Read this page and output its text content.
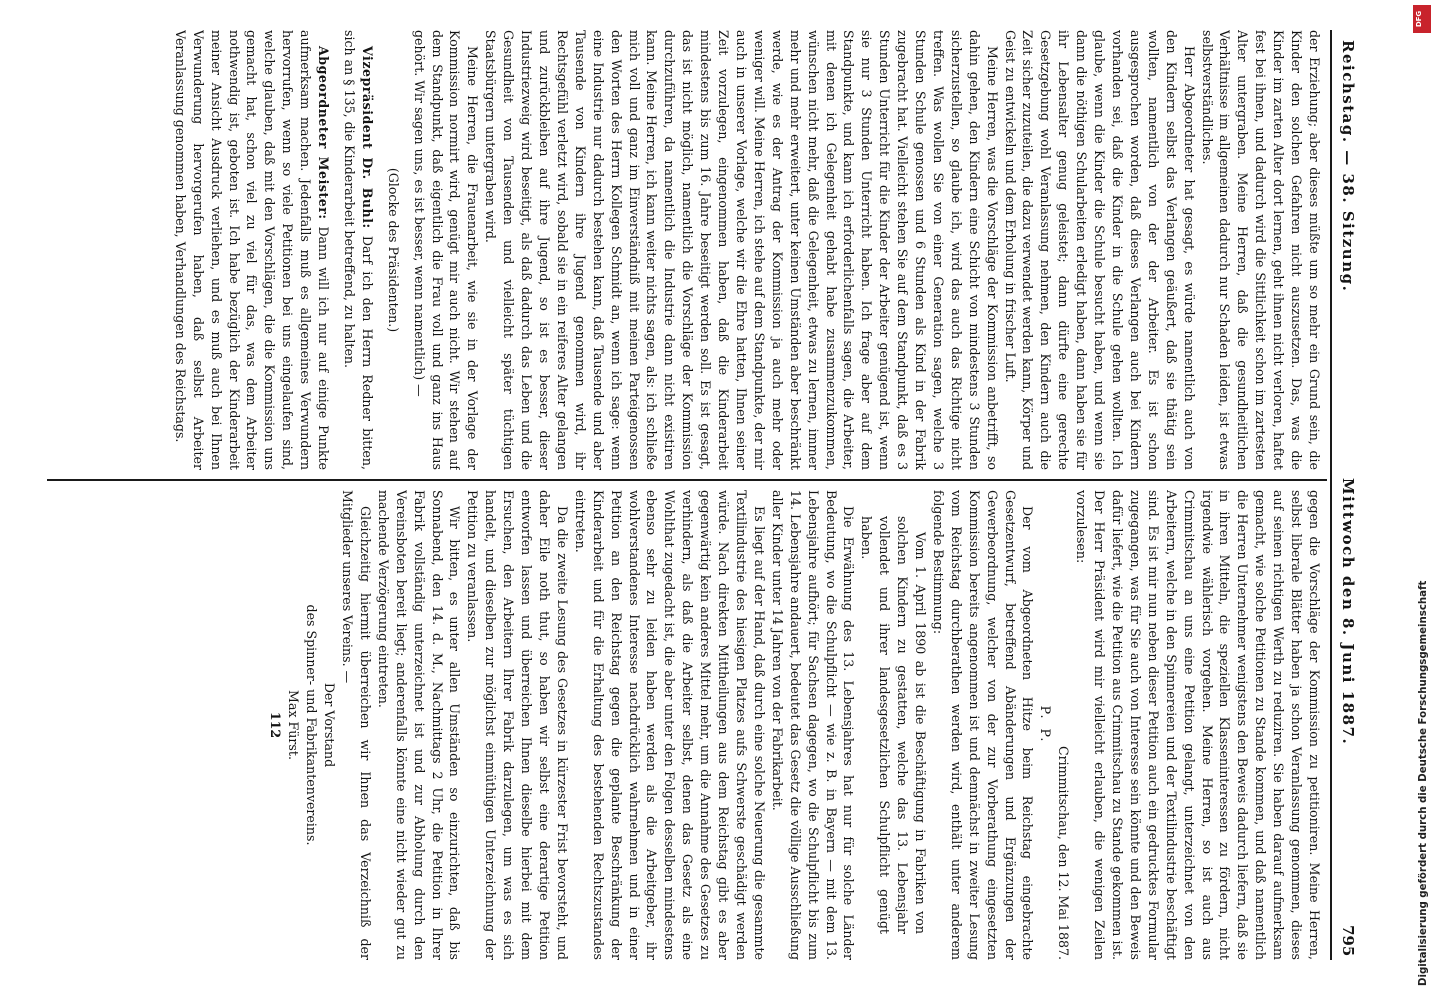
Reichstag. — 38. Sitzung.
Mittwoch den 8. Juni 1887.
795

der Erziehung; aber dieses müßte um so mehr ein Grund sein, die Kinder den solchen Gefahren nicht auszusetzen. Das, was die Kinder im zarten Alter dort lernen, geht ihnen nicht verloren, haftet fest bei ihnen, und dadurch wird die Sittlichkeit schon im zartesten Alter untergraben. Meine Herren, daß die gesundheitlichen Verhältnisse im allgemeinen dadurch nur Schaden leiden, ist etwas selbstverständliches.

Herr Abgeordneter hat gesagt, es würde namentlich auch von den Kindern selbst das Verlangen geäußert, daß sie thätig sein wollten, namentlich von der der Arbeiter. Es ist schon ausgesprochen worden, daß dieses Verlangen auch bei Kindern vorhanden sei, daß die Kinder in die Schule gehen wollten. Ich glaube, wenn die Kinder die Schule besucht haben, und wenn sie dann die nöthigen Schularbeiten erledigt haben, dann haben sie für ihr Lebensalter genug geleistet; dann dürfte eine gerechte Gesetzgebung wohl Veranlassung nehmen, den Kindern auch die Zeit sicher zuzuteilen, die dazu verwendet werden kann, Körper und Geist zu entwickeln und dem Erholung in frischer Luft.

Meine Herren, was die Vorschläge der Kommission anbetrifft, so dahin gehen, den Kindern eine Schicht von mindestens 3 Stunden sicherzustellen, so glaube ich, wird das auch das Richtige nicht treffen. Was wollen Sie von einer Generation sagen, welche 3 Stunden Schule genossen und 6 Stunden als Kind in der Fabrik zugebracht hat. Vielleicht stehen Sie auf dem Standpunkt, daß es 3 Stunden Unterricht für die Kinder der Arbeiter genügend ist, wenn sie nur 3 Stunden Unterricht haben. Ich frage aber auf dem Standpunkte, und kann ich erforderlichenfalls sagen, die Arbeiter, mit denen ich Gelegenheit gehabt habe zusammenzukommen, wünschen nicht mehr, daß die Gelegenheit, etwas zu lernen, immer mehr und mehr erweitert, unter keinen Umständen aber beschränkt werde, wie es der Antrag der Kommission ja auch mehr oder weniger will. Meine Herren, ich stehe auf dem Standpunkte, der mir auch in unserer Vorlage, welche wir die Ehre hatten, Ihnen seiner Zeit vorzulegen, eingenommen haben, daß die Kinderarbeit mindestens bis zum 16. Jahre beseitigt werden soll. Es ist gesagt, das ist nicht möglich, namentlich die Vorschläge der Kommission durchzuführen, da namentlich die Industrie dann nicht existiren kann. Meine Herren, ich kann weiter nichts sagen, als: ich schließe mich voll und ganz im Einverständniß mit meinen Parteigenossen den Worten des Herrn Kollegen Schmidt an, wenn ich sage: wenn eine Industrie nur dadurch bestehen kann, daß Tausende und aber Tausende von Kindern ihre Jugend genommen wird, ihr Rechtsgefühl verletzt wird, sobald sie in ein reiferes Alter gelangen und zurückbleiben auf ihre Jugend, so ist es besser, dieser Industriezweig wird beseitigt, als daß dadurch das Leben und die Gesundheit von Tausenden und vielleicht später tüchtigen Staatsbürgern untergraben wird.

Meine Herren, die Frauenarbeit, wie sie in der Vorlage der Kommission normirt wird, genügt mir auch nicht. Wir stehen auf dem Standpunkt, daß eigentlich die Frau voll und ganz ins Haus gehört. Wir sagen uns, es ist besser, wenn namentlich) —

(Glocke des Präsidenten.)

Vizepräsident Dr. Buhl: Darf ich den Herrn Redner bitten, sich an § 135, die Kinderarbeit betreffend, zu halten.

Abgeordneter Meister: Dann will ich nur auf einige Punkte aufmerksam machen. Jedenfalls muß es allgemeines Verwundern hervorrufen, wenn so viele Petitionen bei uns eingelaufen sind, welche glauben, daß mit den Vorschlägen, die die Kommission uns gemacht hat, schon viel zu viel für das, was dem Arbeiter nothwendig ist, geboten ist. Ich habe bezüglich der Kinderarbeit meiner Ansicht Ausdruck verliehen, und es muß auch bei Ihnen Verwunderung hervorgerufen haben, daß selbst Arbeiter Veranlassung genommen haben, Verhandlungen des Reichstags.

gegen die Vorschläge der Kommission zu petitioniren. Meine Herren, selbst liberale Blätter haben ja schon Veranlassung genommen, dieses auf seinen richtigen Werth zu reduziren. Sie haben darauf aufmerksam gemacht, wie solche Petitionen zu Stande kommen, und daß namentlich die Herren Unternehmer wenigstens den Beweis dadurch liefern, daß sie in ihren Mitteln, die speziellen Klasseninteressen zu fördern, nicht irgendwie wählerisch vorgehen. Meine Herren, so ist auch aus Crimmitschau an uns eine Petition gelangt, unterzeichnet von den Arbeitern, welche in den Spinnereien und der Textilindustrie beschäftigt sind. Es ist mir nun neben dieser Petition auch ein gedrucktes Formular zugegangen, was für Sie auch von Interesse sein könnte und den Beweis dafür liefert, wie die Petition aus Crimmitschau zu Stande gekommen ist. Der Herr Präsident wird mir vielleicht erlauben, die wenigen Zeilen vorzulesen:

Crimmitschau, den 12. Mai 1887.

P. P.

Der vom Abgeordneten Hitze beim Reichstag eingebrachte Gesetzentwurf, betreffend Abänderungen und Ergänzungen der Gewerbeordnung, welcher von der zur Vorberathung eingesetzten Kommission bereits angenommen ist und demnächst in zweiter Lesung vom Reichstag durchberathen werden wird, enthält unter anderem folgende Bestimmung:

Vom 1. April 1890 ab ist die Beschäftigung in Fabriken von solchen Kindern zu gestatten, welche das 13. Lebensjahr vollendet und ihrer landesgesetzlichen Schulpflicht genügt haben.

Die Erwähnung des 13. Lebensjahres hat nur für solche Länder Bedeutung, wo die Schulpflicht — wie z. B. in Bayern — mit dem 13. Lebensjahre aufhört; für Sachsen dagegen, wo die Schulpflicht bis zum 14. Lebensjahre andauert, bedeutet das Gesetz die völlige Ausschließung aller Kinder unter 14 Jahren von der Fabrikarbeit.

Es liegt auf der Hand, daß durch eine solche Neuerung die gesammte Textilindustrie des hiesigen Platzes aufs Schwerste geschädigt werden würde. Nach direkten Mittheilungen aus dem Reichstag gibt es aber gegenwärtig kein anderes Mittel mehr, um die Annahme des Gesetzes zu verhindern, als daß die Arbeiter selbst, denen das Gesetz als eine Wohlthat zugedacht ist, die aber unter den Folgen desselben mindestens ebenso sehr zu leiden haben werden als die Arbeitgeber, ihr wohlverstandenes Interesse nachdrücklich wahrnehmen und in einer Petition an den Reichstag gegen die geplante Beschränkung der Kinderarbeit und für die Erhaltung des bestehenden Rechtszustandes eintreten.

Da die zweite Lesung des Gesetzes in kürzester Frist bevorsteht, und daher Eile noth thut, so haben wir selbst eine derartige Petition entworfen lassen und überreichen Ihnen dieselbe hierbei mit dem Ersuchen, den Arbeitern Ihrer Fabrik darzulegen, um was es sich handelt, und dieselben zur möglichst einmüthigen Unterzeichnung der Petition zu veranlassen.

Wir bitten, es unter allen Umständen so einzurichten, daß bis Sonnabend, den 14. d. M., Nachmittags 2 Uhr, die Petition in Ihrer Fabrik vollständig unterzeichnet ist und zur Abholung durch den Vereinsboten bereit liegt; anderenfalls könnte eine nicht wieder gut zu machende Verzögerung eintreten.

Gleichzeitig hiermit überreichen wir Ihnen das Verzeichniß der Mitglieder unseres Vereins. —

Der Vorstand

des Spinner- und Fabrikantenvereins.

Max Fürst.

112

DFG
Digitalisierung gefördert durch die Deutsche Forschungsgemeinschaft
